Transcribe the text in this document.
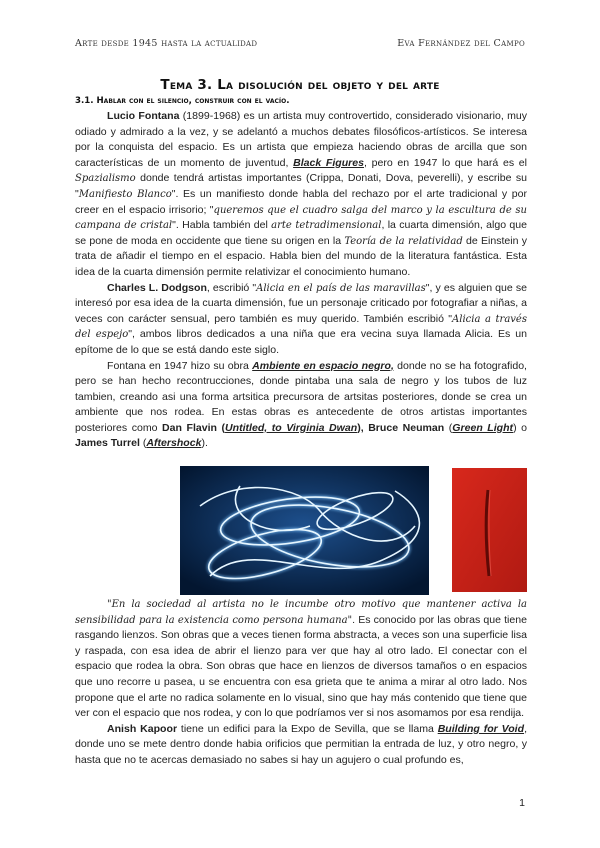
Arte desde 1945 hasta la actualidad	Eva Fernández del Campo
Tema 3. La disolución del objeto y del arte
3.1. Hablar con el silencio, construir con el vacío.

Lucio Fontana (1899-1968) es un artista muy controvertido, considerado visionario, muy odiado y admirado a la vez, y se adelantó a muchos debates filosóficos-artísticos. Se interesa por la conquista del espacio. Es un artista que empieza haciendo obras de arcilla que son características de un momento de juventud, Black Figures, pero en 1947 lo que hará es el Spazialismo donde tendrá artistas importantes (Crippa, Donati, Dova, peverelli), y escribe su "Manifiesto Blanco". Es un manifiesto donde habla del rechazo por el arte tradicional y por creer en el espacio irrisorio; "queremos que el cuadro salga del marco y la escultura de su campana de cristal". Habla también del arte tetradimensional, la cuarta dimensión, algo que se pone de moda en occidente que tiene su origen en la Teoría de la relatividad de Einstein y trata de añadir el tiempo en el espacio. Habla bien del mundo de la literatura fantástica. Esta idea de la cuarta dimensión permite relativizar el conocimiento humano.

Charles L. Dodgson, escribió "Alicia en el país de las maravillas", y es alguien que se interesó por esa idea de la cuarta dimensión, fue un personaje criticado por fotografiar a niñas, a veces con carácter sensual, pero también es muy querido. También escribió "Alicia a través del espejo", ambos libros dedicados a una niña que era vecina suya llamada Alicia. Es un epítome de lo que se está dando este siglo.

Fontana en 1947 hizo su obra Ambiente en espacio negro, donde no se ha fotografido, pero se han hecho recontrucciones, donde pintaba una sala de negro y los tubos de luz tambien, creando asi una forma artsitica precursora de artsitas posteriores, donde se crea un ambiente que nos rodea. En estas obras es antecedente de otros artistas importantes posteriores como Dan Flavin (Untitled, to Virginia Dwan), Bruce Neuman (Green Light) o James Turrel (Aftershock).

"En la sociedad al artista no le incumbe otro motivo que mantener activa la sensibilidad para la existencia como persona humana". Es conocido por las obras que tiene rasgando lienzos. Son obras que a veces tienen forma abstracta, a veces son una superficie lisa y raspada, con esa idea de abrir el lienzo para ver que hay al otro lado. El conectar con el espacio que rodea la obra. Son obras que hace en lienzos de diversos tamaños o en espacios que uno recorre u pasea, u se encuentra con esa grieta que te anima a mirar al otro lado. Nos propone que el arte no radica solamente en lo visual, sino que hay más contenido que tiene que ver con el espacio que nos rodea, y con lo que podríamos ver si nos asomamos por esa rendija.

Anish Kapoor tiene un edifici para la Expo de Sevilla, que se llama Building for Void, donde uno se mete dentro donde habia orificios que permitian la entrada de luz, y otro negro, y hasta que no te acercas demasiado no sabes si hay un agujero o cual profundo es,

1
